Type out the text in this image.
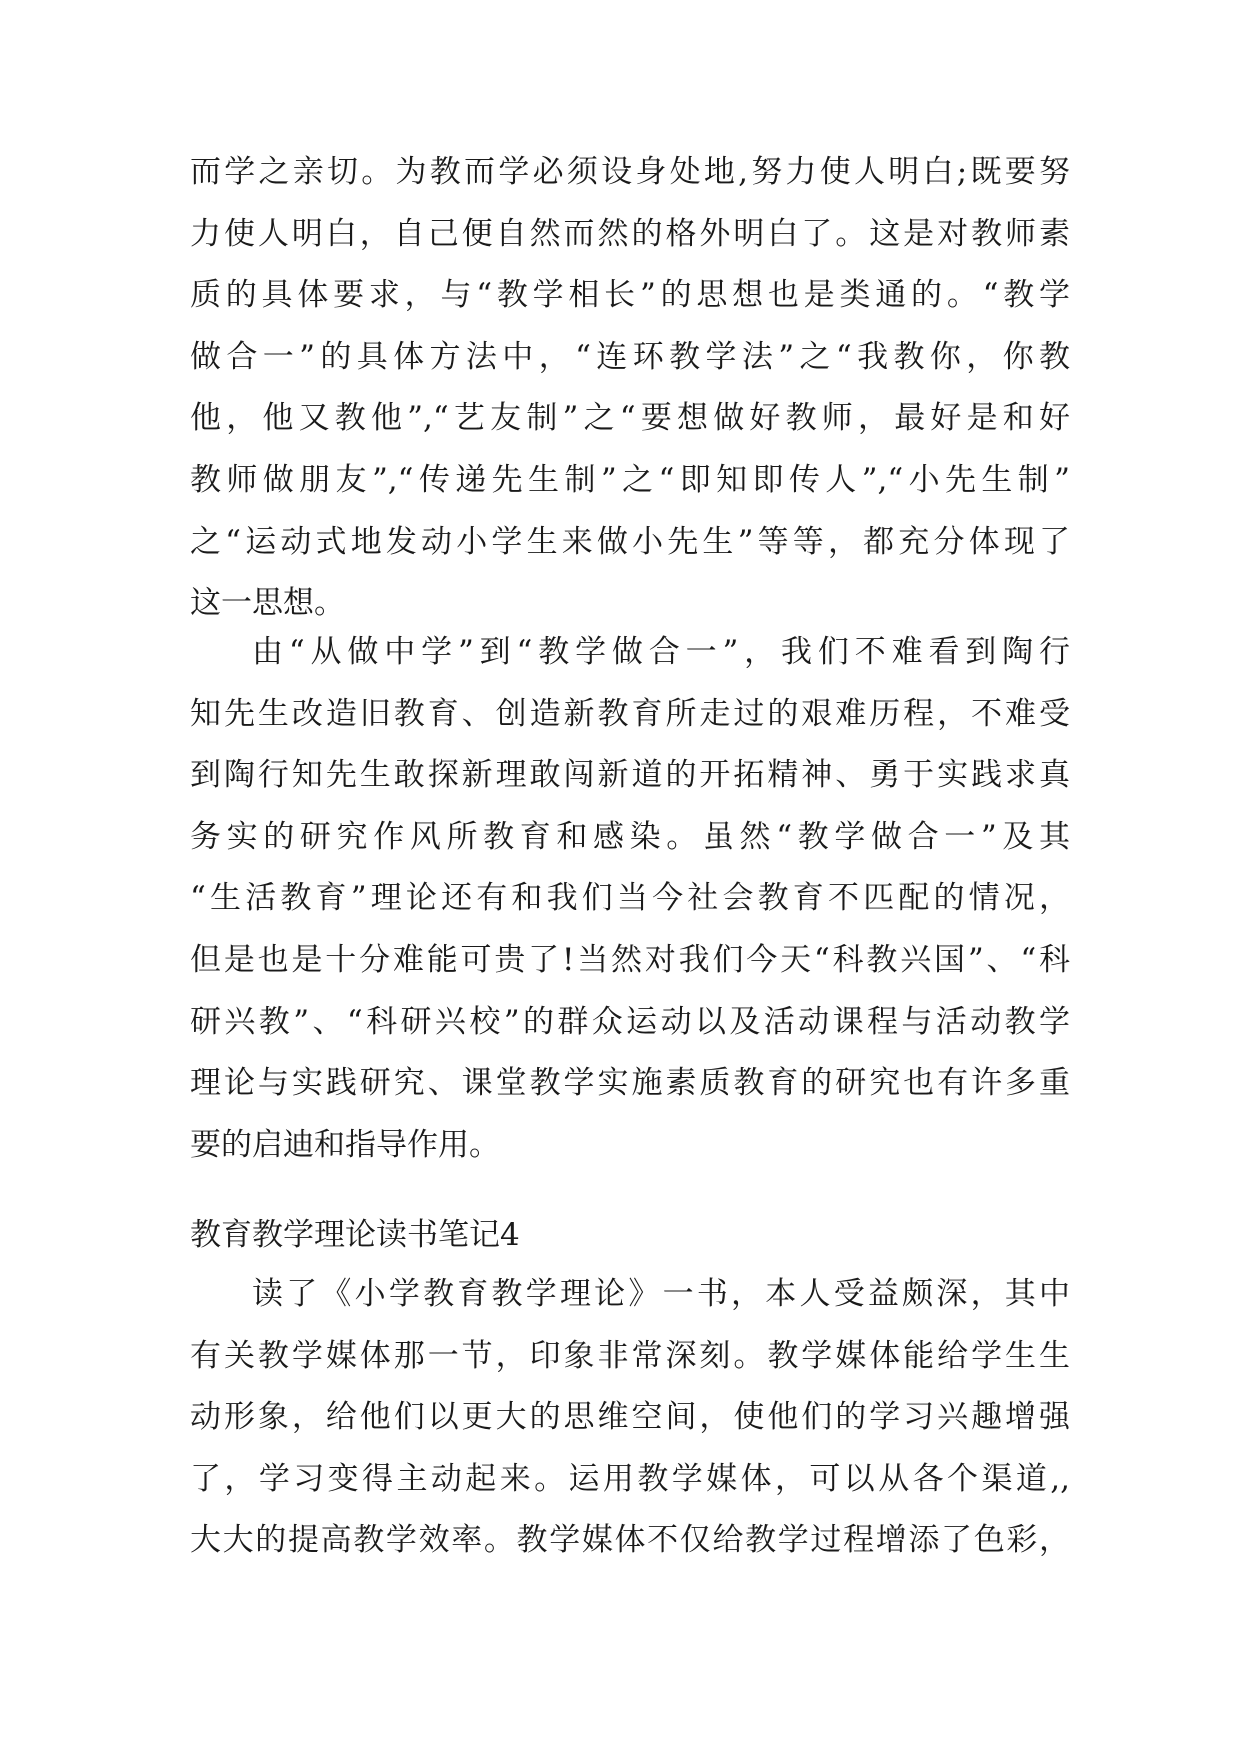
而学之亲切。为教而学必须设身处地,努力使人明白;既要努
力使人明白，自己便自然而然的格外明白了。这是对教师素
质的具体要求，与“教学相长”的思想也是类通的。“教学
做合一”的具体方法中，“连环教学法”之“我教你，你教
他，他又教他”,“艺友制”之“要想做好教师，最好是和好
教师做朋友”,“传递先生制”之“即知即传人”,“小先生制”
之“运动式地发动小学生来做小先生”等等，都充分体现了
这一思想。
由“从做中学”到“教学做合一”，我们不难看到陶行
知先生改造旧教育、创造新教育所走过的艰难历程，不难受
到陶行知先生敢探新理敢闯新道的开拓精神、勇于实践求真
务实的研究作风所教育和感染。虽然“教学做合一”及其
“生活教育”理论还有和我们当今社会教育不匹配的情况，
但是也是十分难能可贵了!当然对我们今天“科教兴国”、“科
研兴教”、“科研兴校”的群众运动以及活动课程与活动教学
理论与实践研究、课堂教学实施素质教育的研究也有许多重
要的启迪和指导作用。
教育教学理论读书笔记4
读了《小学教育教学理论》一书，本人受益颇深，其中
有关教学媒体那一节，印象非常深刻。教学媒体能给学生生
动形象，给他们以更大的思维空间，使他们的学习兴趣增强
了，学习变得主动起来。运用教学媒体，可以从各个渠道,,
大大的提高教学效率。教学媒体不仅给教学过程增添了色彩，
